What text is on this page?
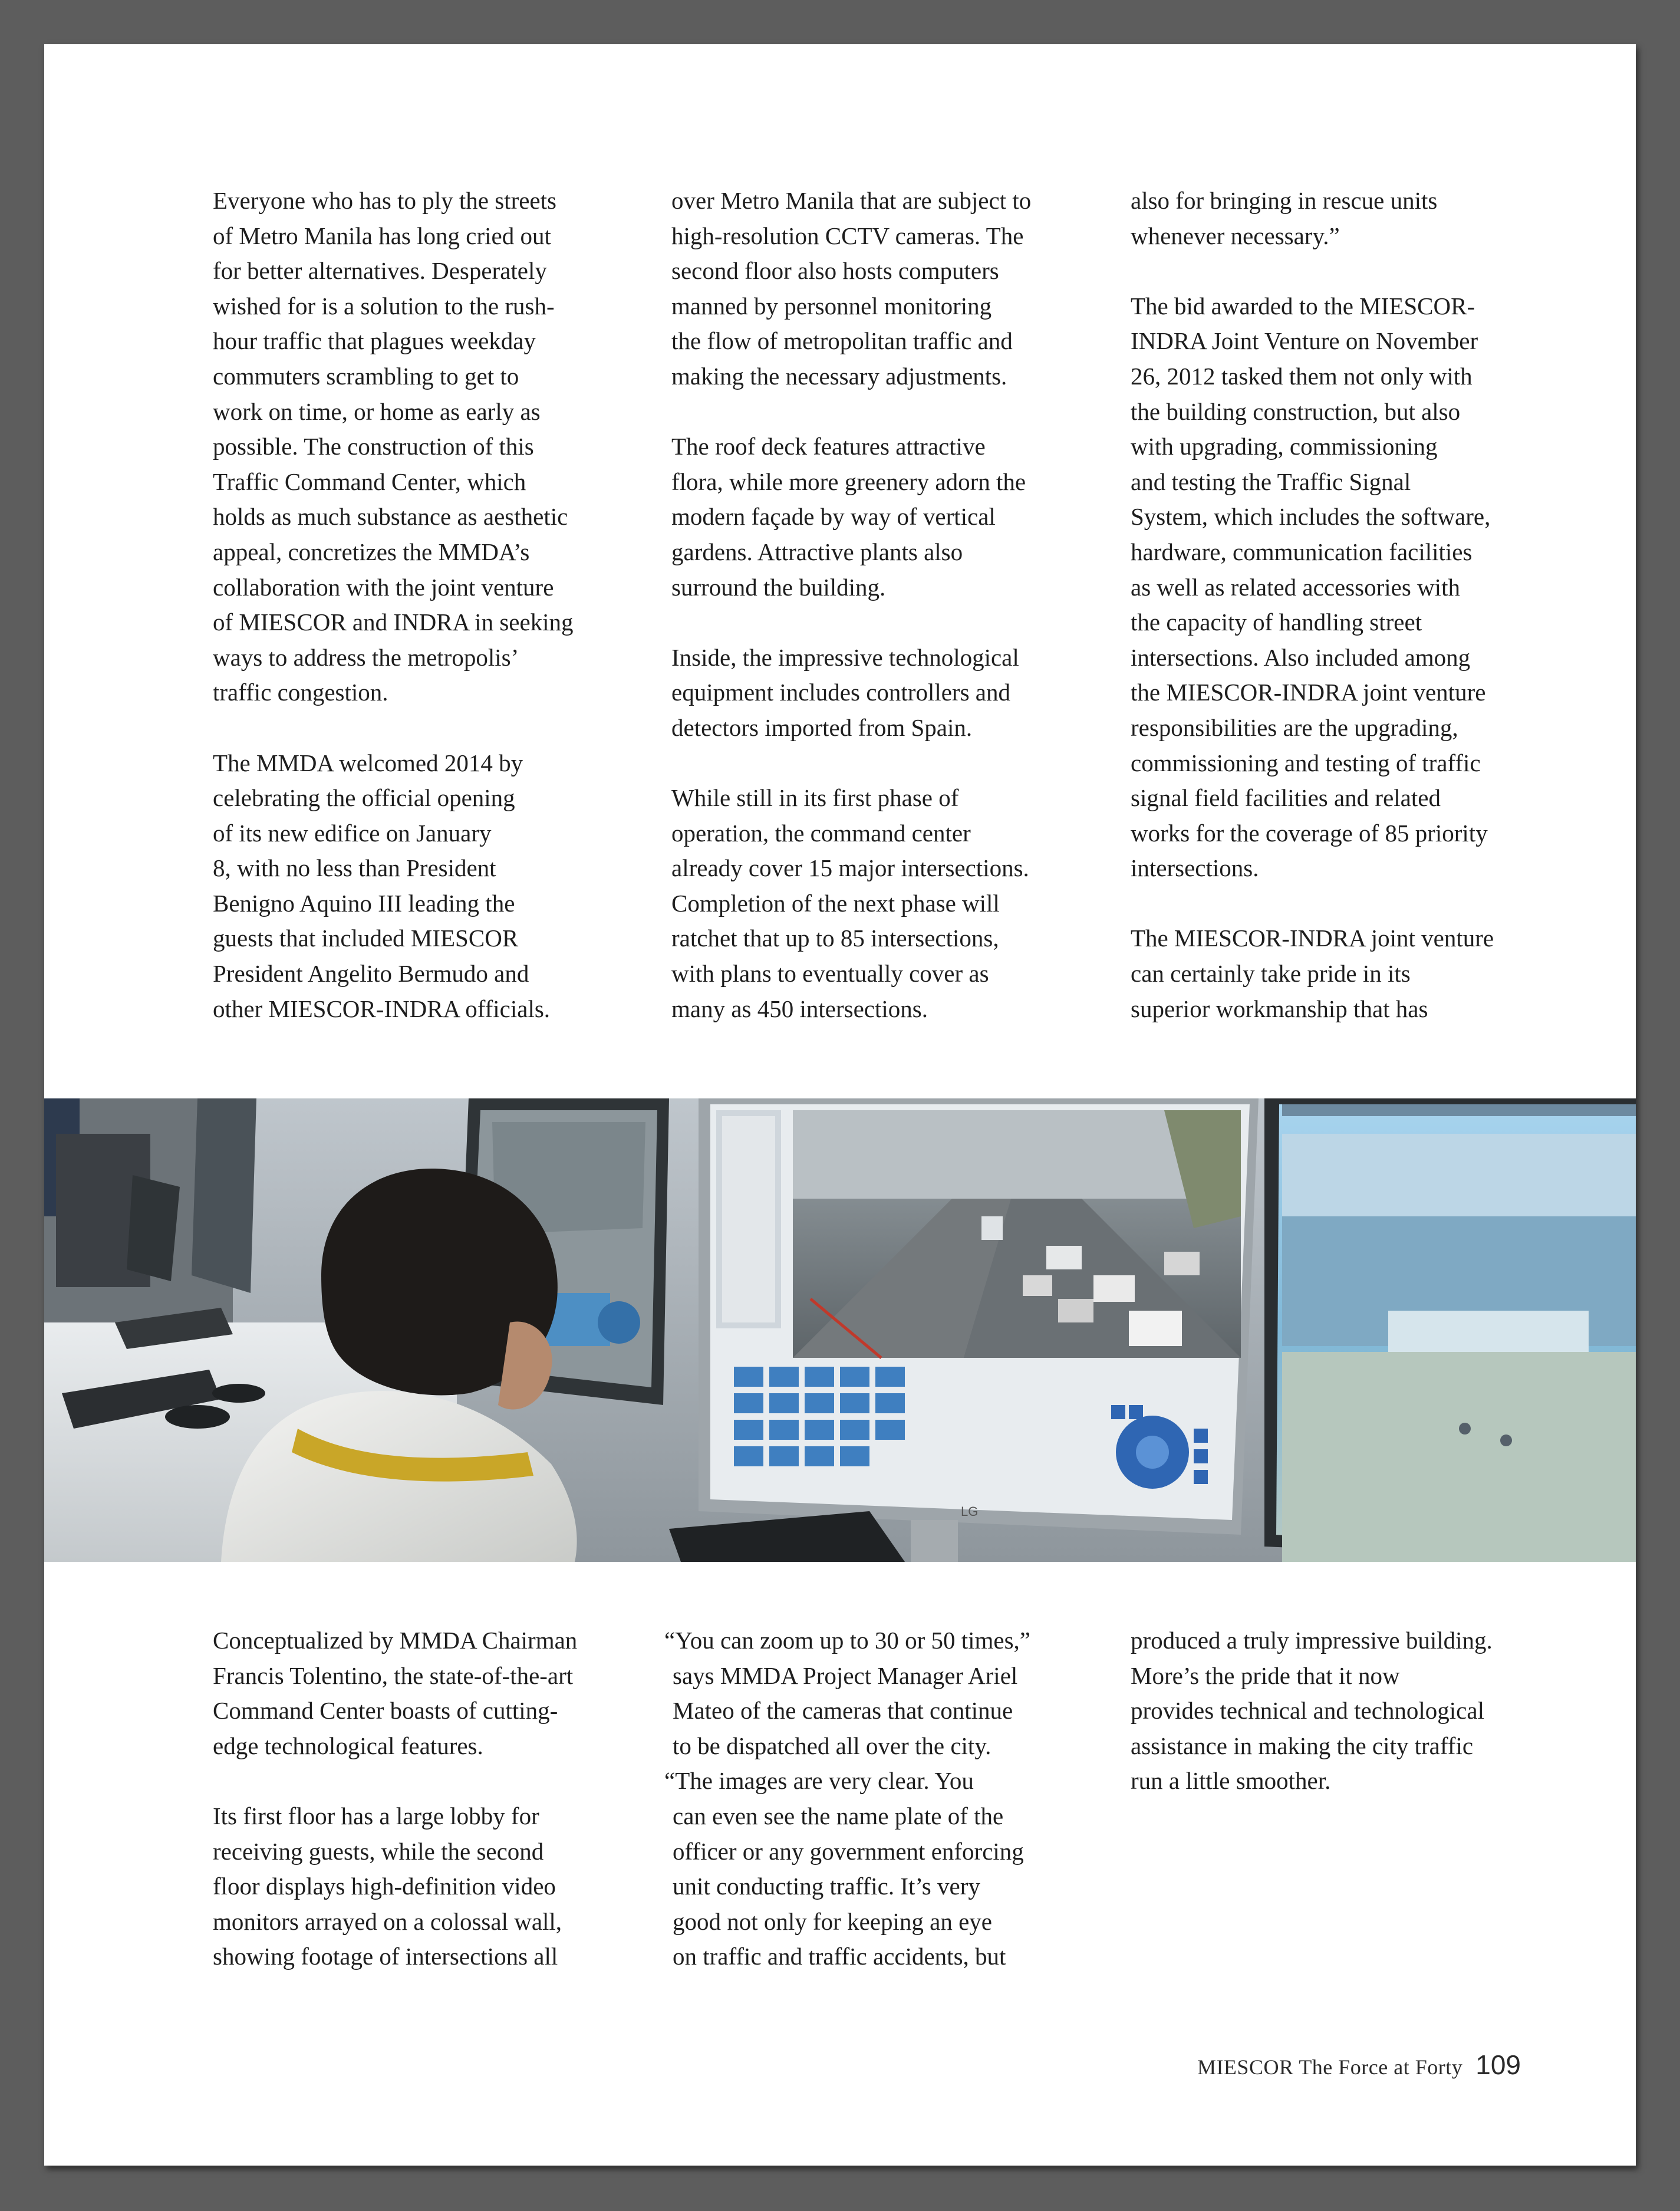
Everyone who has to ply the streets
of Metro Manila has long cried out
for better alternatives. Desperately
wished for is a solution to the rush-
hour traffic that plagues weekday
commuters scrambling to get to
work on time, or home as early as
possible. The construction of this
Traffic Command Center, which
holds as much substance as aesthetic
appeal, concretizes the MMDA’s
collaboration with the joint venture
of MIESCOR and INDRA in seeking
ways to address the metropolis’
traffic congestion.

The MMDA welcomed 2014 by
celebrating the official opening
of its new edifice on January
8, with no less than President
Benigno Aquino III leading the
guests that included MIESCOR
President Angelito Bermudo and
other MIESCOR-INDRA officials.

over Metro Manila that are subject to
high-resolution CCTV cameras. The
second floor also hosts computers
manned by personnel monitoring
the flow of metropolitan traffic and
making the necessary adjustments.

The roof deck features attractive
flora, while more greenery adorn the
modern façade by way of vertical
gardens. Attractive plants also
surround the building.

Inside, the impressive technological
equipment includes controllers and
detectors imported from Spain.

While still in its first phase of
operation, the command center
already cover 15 major intersections.
Completion of the next phase will
ratchet that up to 85 intersections,
with plans to eventually cover as
many as 450 intersections.

also for bringing in rescue units
whenever necessary.”

The bid awarded to the MIESCOR-
INDRA Joint Venture on November
26, 2012 tasked them not only with
the building construction, but also
with upgrading, commissioning
and testing the Traffic Signal
System, which includes the software,
hardware, communication facilities
as well as related accessories with
the capacity of handling street
intersections. Also included among
the MIESCOR-INDRA joint venture
responsibilities are the upgrading,
commissioning and testing of traffic
signal field facilities and related
works for the coverage of 85 priority
intersections.

The MIESCOR-INDRA joint venture
can certainly take pride in its
superior workmanship that has

LG

Conceptualized by MMDA Chairman
Francis Tolentino, the state-of-the-art
Command Center boasts of cutting-
edge technological features.

Its first floor has a large lobby for
receiving guests, while the second
floor displays high-definition video
monitors arrayed on a colossal wall,
showing footage of intersections all

“You can zoom up to 30 or 50 times,”
says MMDA Project Manager Ariel
Mateo of the cameras that continue
to be dispatched all over the city.
“The images are very clear. You
can even see the name plate of the
officer or any government enforcing
unit conducting traffic. It’s very
good not only for keeping an eye
on traffic and traffic accidents, but

produced a truly impressive building.
More’s the pride that it now
provides technical and technological
assistance in making the city traffic
run a little smoother.

MIESCOR The Force at Forty 109
